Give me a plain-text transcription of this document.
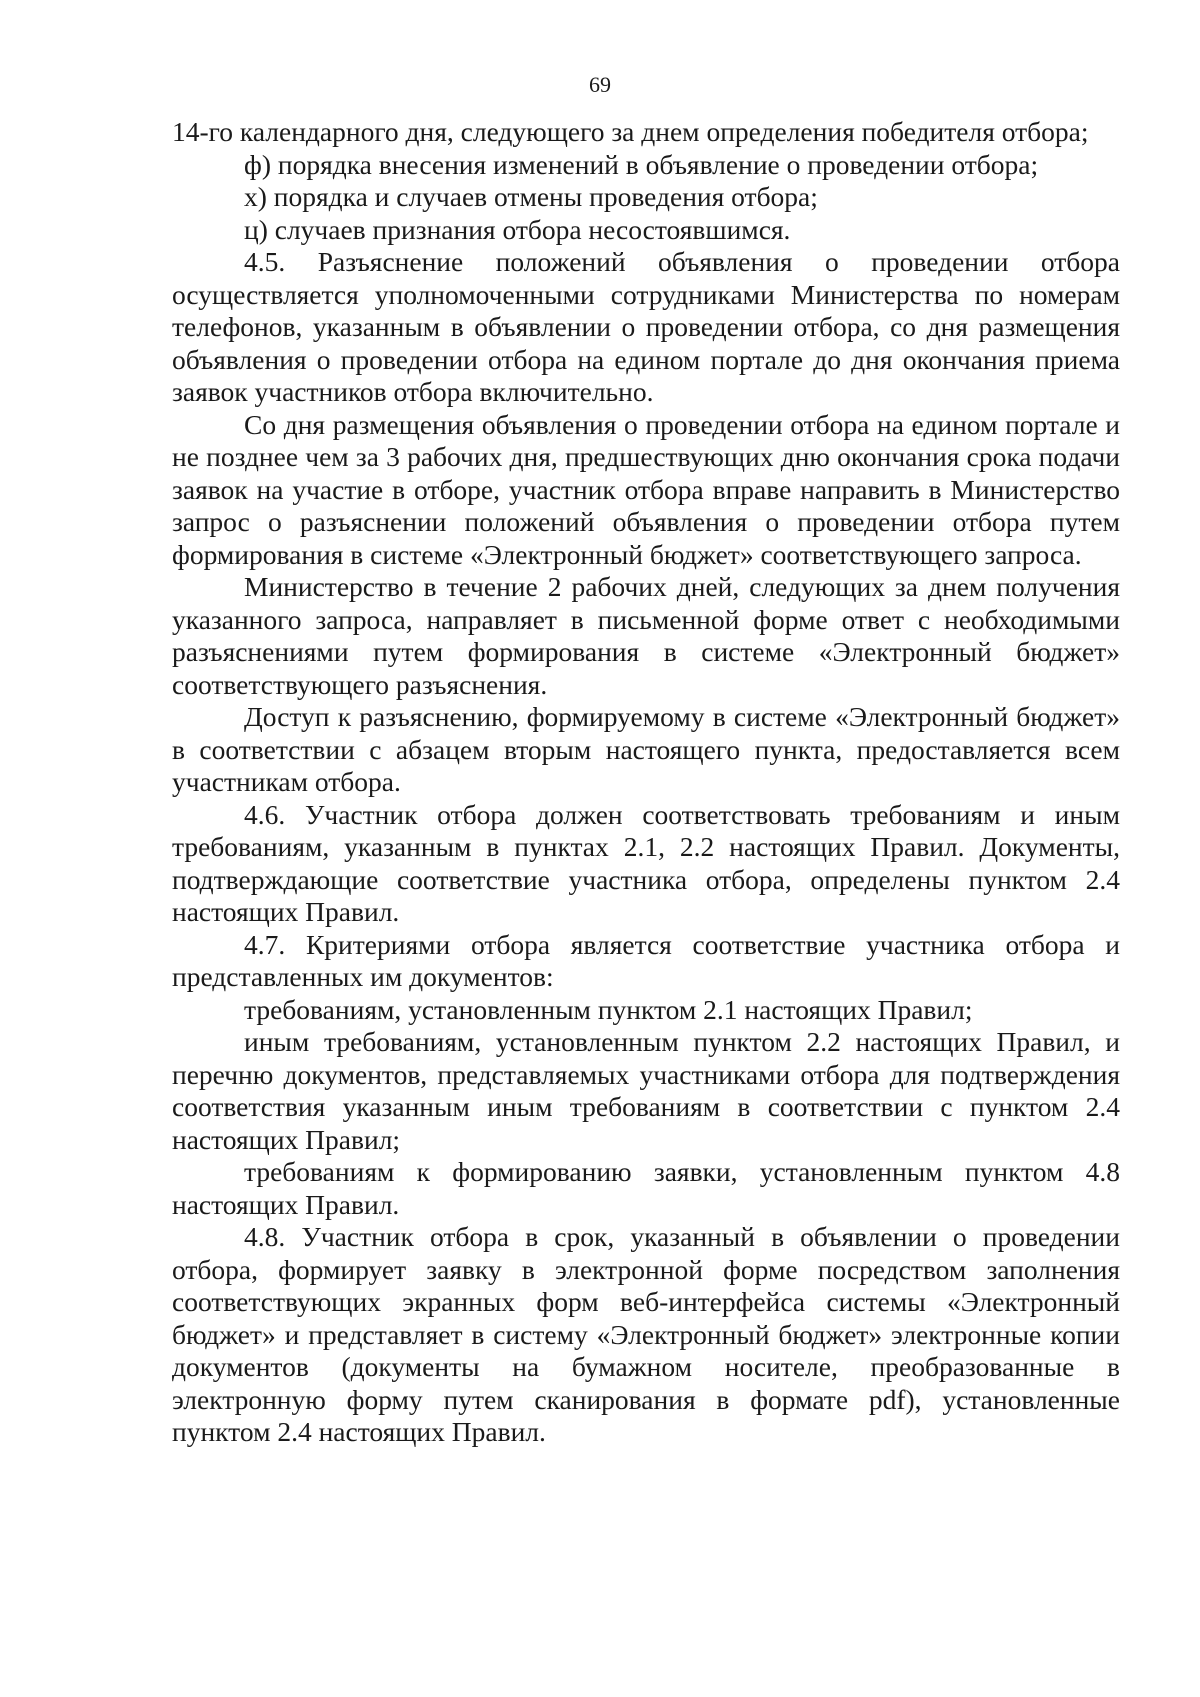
69

14-го календарного дня, следующего за днем определения победителя отбора;

ф) порядка внесения изменений в объявление о проведении отбора;

х) порядка и случаев отмены проведения отбора;

ц) случаев признания отбора несостоявшимся.

4.5. Разъяснение положений объявления о проведении отбора осуществляется уполномоченными сотрудниками Министерства по номерам телефонов, указанным в объявлении о проведении отбора, со дня размещения объявления о проведении отбора на едином портале до дня окончания приема заявок участников отбора включительно.

Со дня размещения объявления о проведении отбора на едином портале и не позднее чем за 3 рабочих дня, предшествующих дню окончания срока подачи заявок на участие в отборе, участник отбора вправе направить в Министерство запрос о разъяснении положений объявления о проведении отбора путем формирования в системе «Электронный бюджет» соответствующего запроса.

Министерство в течение 2 рабочих дней, следующих за днем получения указанного запроса, направляет в письменной форме ответ с необходимыми разъяснениями путем формирования в системе «Электронный бюджет» соответствующего разъяснения.

Доступ к разъяснению, формируемому в системе «Электронный бюджет» в соответствии с абзацем вторым настоящего пункта, предоставляется всем участникам отбора.

4.6. Участник отбора должен соответствовать требованиям и иным требованиям, указанным в пунктах 2.1, 2.2 настоящих Правил. Документы, подтверждающие соответствие участника отбора, определены пунктом 2.4 настоящих Правил.

4.7. Критериями отбора является соответствие участника отбора и представленных им документов:

требованиям, установленным пунктом 2.1 настоящих Правил;

иным требованиям, установленным пунктом 2.2 настоящих Правил, и перечню документов, представляемых участниками отбора для подтверждения соответствия указанным иным требованиям в соответствии с пунктом 2.4 настоящих Правил;

требованиям к формированию заявки, установленным пунктом 4.8 настоящих Правил.

4.8. Участник отбора в срок, указанный в объявлении о проведении отбора, формирует заявку в электронной форме посредством заполнения соответствующих экранных форм веб-интерфейса системы «Электронный бюджет» и представляет в систему «Электронный бюджет» электронные копии документов (документы на бумажном носителе, преобразованные в электронную форму путем сканирования в формате pdf), установленные пунктом 2.4 настоящих Правил.
